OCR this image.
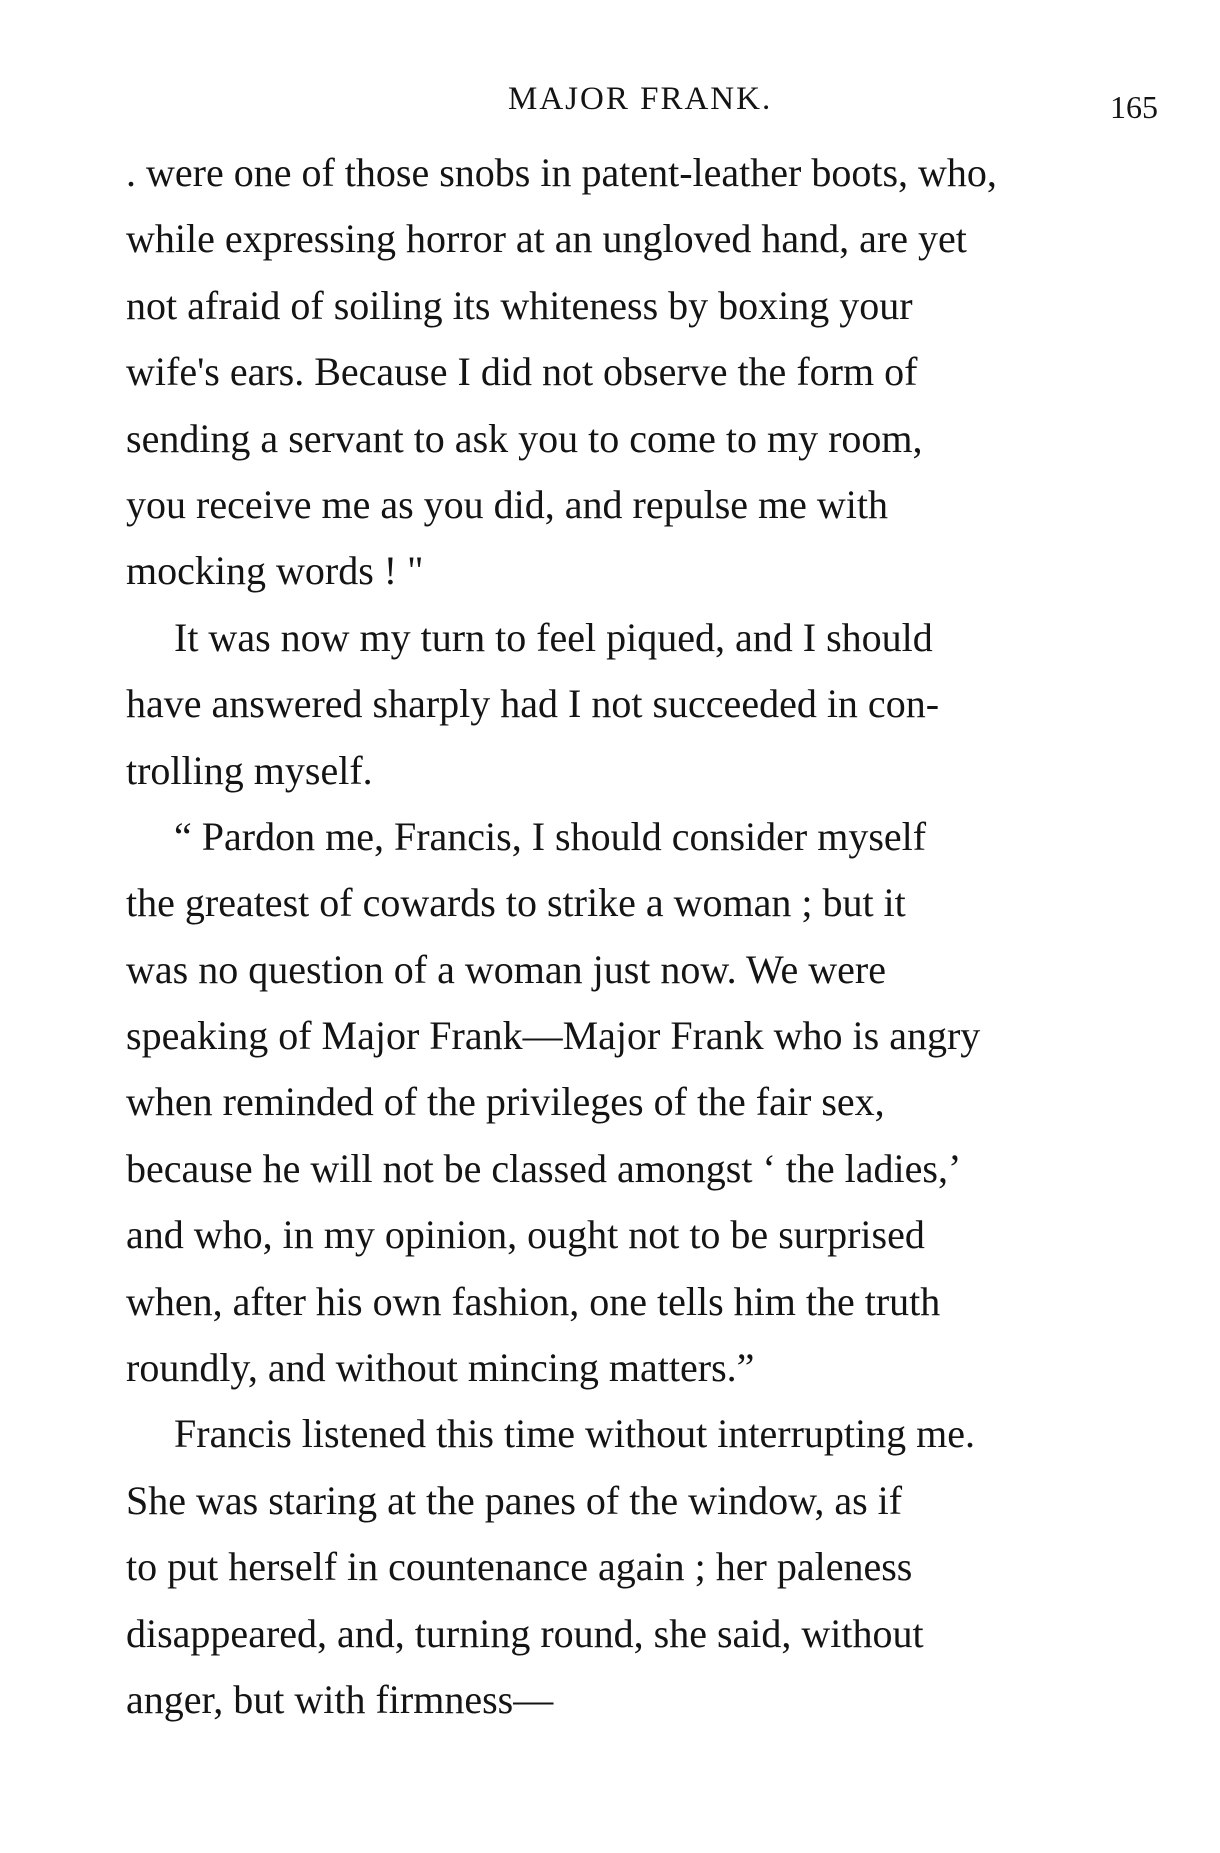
MAJOR FRANK.	165

. were one of those snobs in patent-leather boots, who,
while expressing horror at an ungloved hand, are yet
not afraid of soiling its whiteness by boxing your
wife's ears. Because I did not observe the form of
sending a servant to ask you to come to my room,
you receive me as you did, and repulse me with
mocking words ! "

It was now my turn to feel piqued, and I should
have answered sharply had I not succeeded in con-
trolling myself.

“ Pardon me, Francis, I should consider myself
the greatest of cowards to strike a woman ; but it
was no question of a woman just now. We were
speaking of Major Frank—Major Frank who is angry
when reminded of the privileges of the fair sex,
because he will not be classed amongst ‘ the ladies,’
and who, in my opinion, ought not to be surprised
when, after his own fashion, one tells him the truth
roundly, and without mincing matters.”

Francis listened this time without interrupting me.
She was staring at the panes of the window, as if
to put herself in countenance again ; her paleness
disappeared, and, turning round, she said, without
anger, but with firmness—
